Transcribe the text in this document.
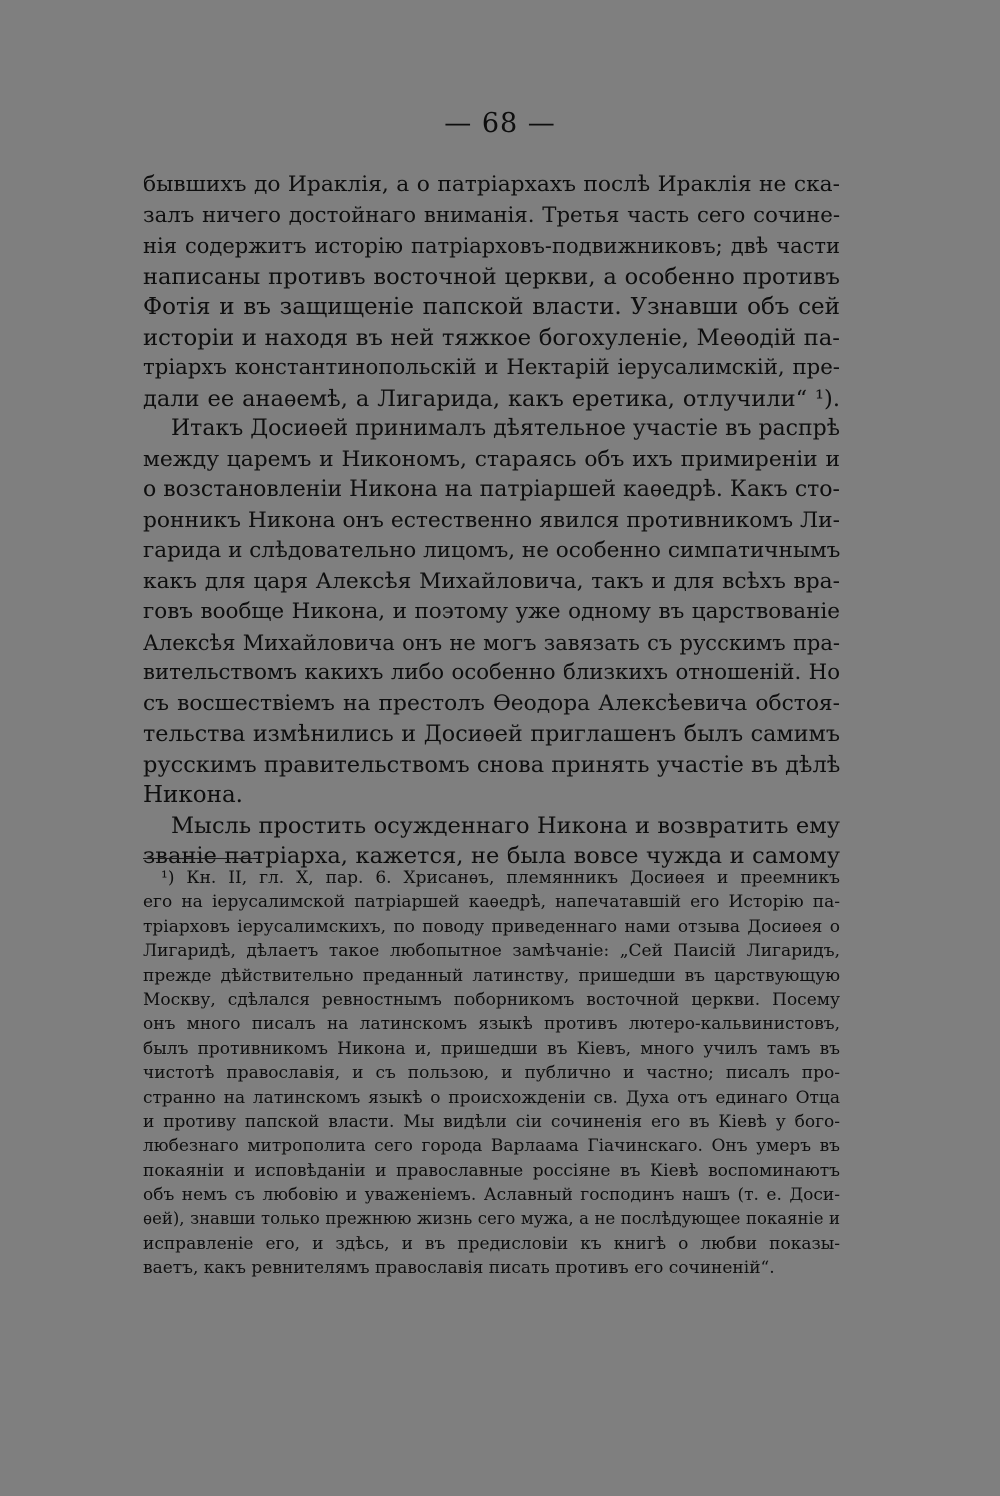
— 68 —
бывшихъ до Ираклія, а о патріархахъ послѣ Ираклія не ска-
залъ ничего достойнаго вниманія. Третья часть сего сочине-
нія содержитъ исторію патріарховъ-подвижниковъ; двѣ части
написаны противъ восточной церкви, а особенно противъ
Фотія и въ защищеніе папской власти. Узнавши объ сей
исторіи и находя въ ней тяжкое богохуленіе, Меѳодій па-
тріархъ константинопольскій и Нектарій іерусалимскій, пре-
дали ее анаѳемѣ, а Лигарида, какъ еретика, отлучили“ ¹).
Итакъ Досиѳей принималъ дѣятельное участіе въ распрѣ
между царемъ и Никономъ, стараясь объ ихъ примиреніи и
о возстановленіи Никона на патріаршей каѳедрѣ. Какъ сто-
ронникъ Никона онъ естественно явился противникомъ Ли-
гарида и слѣдовательно лицомъ, не особенно симпатичнымъ
какъ для царя Алексѣя Михайловича, такъ и для всѣхъ вра-
говъ вообще Никона, и поэтому уже одному въ царствованіе
Алексѣя Михайловича онъ не могъ завязать съ русскимъ пра-
вительствомъ какихъ либо особенно близкихъ отношеній. Но
съ восшествіемъ на престолъ Ѳеодора Алексѣевича обстоя-
тельства измѣнились и Досиѳей приглашенъ былъ самимъ
русскимъ правительствомъ снова принять участіе въ дѣлѣ
Никона.
Мысль простить осужденнаго Никона и возвратить ему
званіе патріарха, кажется, не была вовсе чужда и самому
¹) Кн. II, гл. X, пар. 6. Хрисанѳъ, племянникъ Досиѳея и преемникъ
его на іерусалимской патріаршей каѳедрѣ, напечатавшій его Исторію па-
тріарховъ іерусалимскихъ, по поводу приведеннаго нами отзыва Досиѳея о
Лигаридѣ, дѣлаетъ такое любопытное замѣчаніе: „Сей Паисій Лигаридъ,
прежде дѣйствительно преданный латинству, пришедши въ царствующую
Москву, сдѣлался ревностнымъ поборникомъ восточной церкви. Посему
онъ много писалъ на латинскомъ языкѣ противъ лютеро-кальвинистовъ,
былъ противникомъ Никона и, пришедши въ Кіевъ, много училъ тамъ въ
чистотѣ православія, и съ пользою, и публично и частно; писалъ про-
странно на латинскомъ языкѣ о происхожденіи св. Духа отъ единаго Отца
и противу папской власти. Мы видѣли сіи сочиненія его въ Кіевѣ у бого-
любезнаго митрополита сего города Варлаама Гіачинскаго. Онъ умеръ въ
покаяніи и исповѣданіи и православные россіяне въ Кіевѣ воспоминаютъ
объ немъ съ любовію и уваженіемъ. Аславный господинъ нашъ (т. е. Доси-
ѳей), знавши только прежнюю жизнь сего мужа, а не послѣдующее покаяніе и
исправленіе его, и здѣсь, и въ предисловіи къ книгѣ о любви показы-
ваетъ, какъ ревнителямъ православія писать противъ его сочиненій“.
